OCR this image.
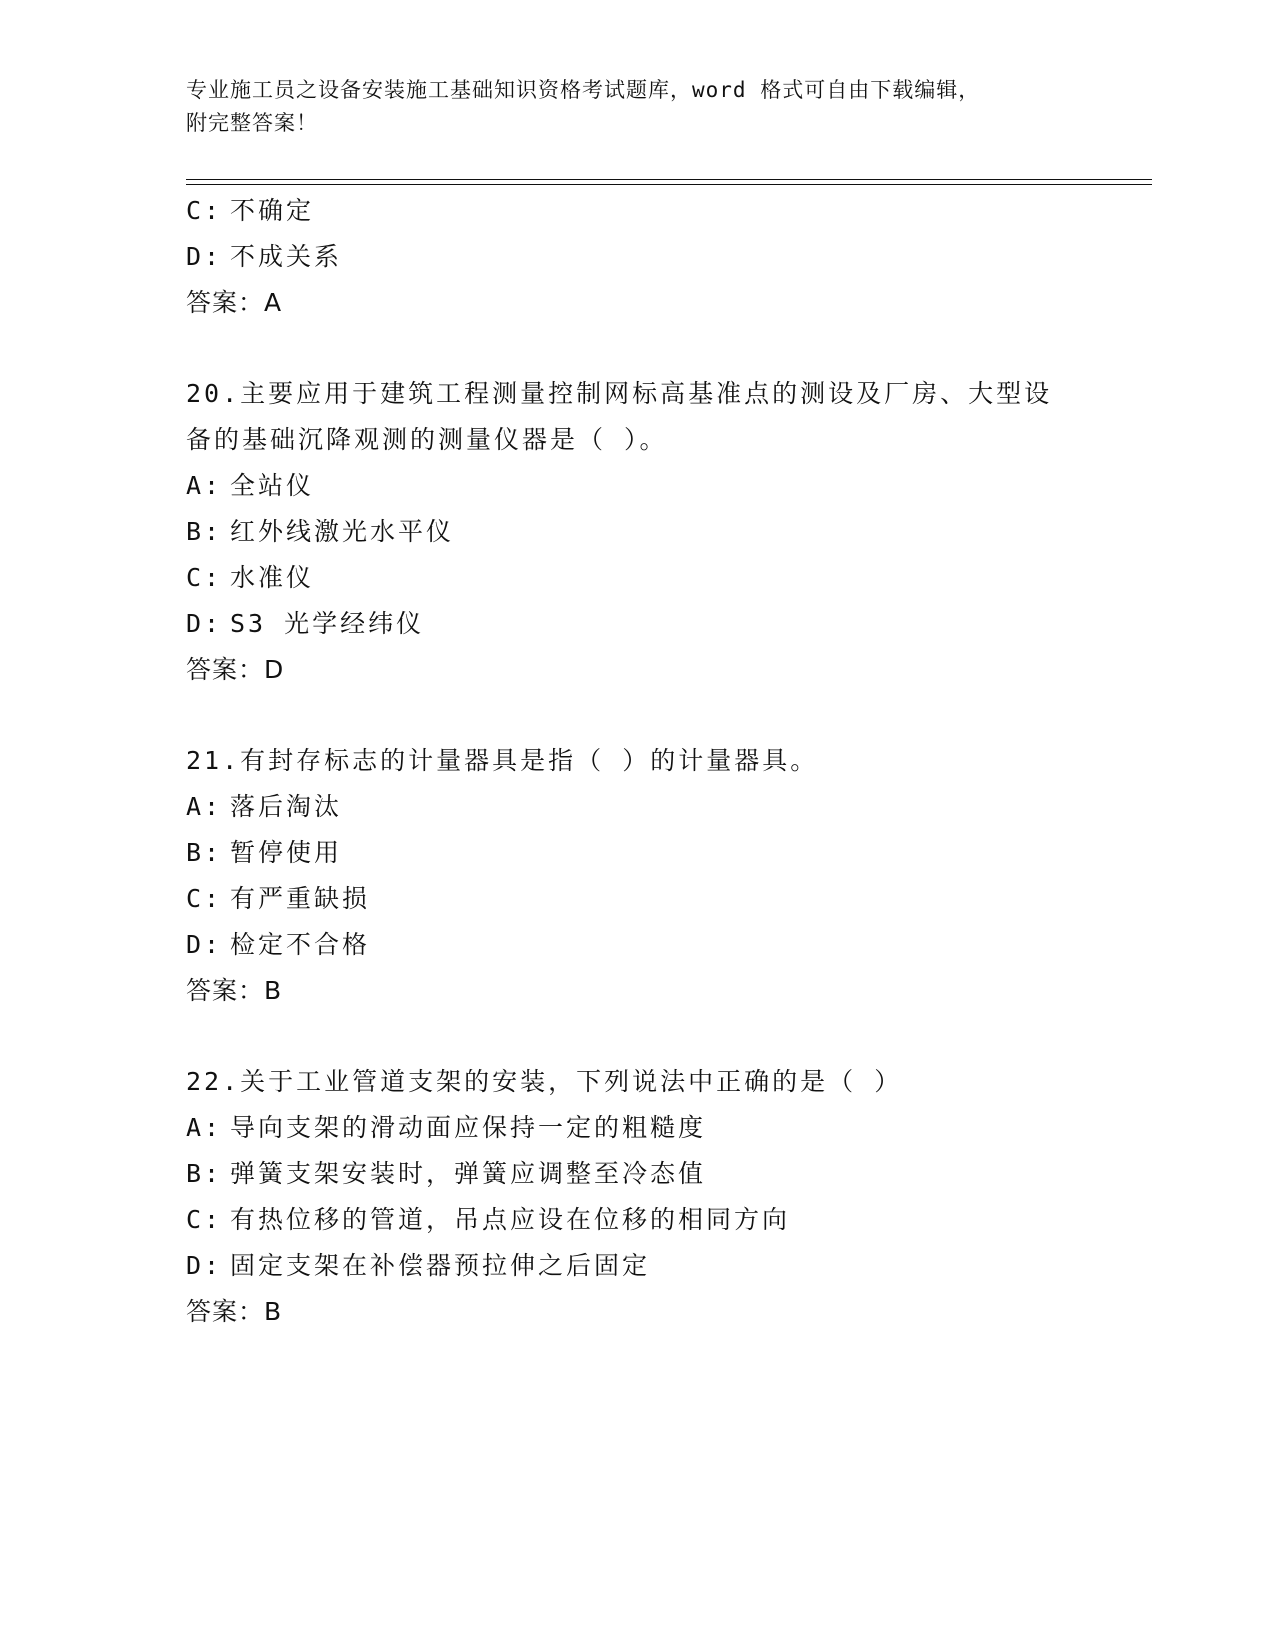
专业施工员之设备安装施工基础知识资格考试题库，word 格式可自由下载编辑，
附完整答案！
C: 不确定
D: 不成关系
答案：A
20.主要应用于建筑工程测量控制网标高基准点的测设及厂房、大型设
备的基础沉降观测的测量仪器是（ ）。
A: 全站仪
B: 红外线激光水平仪
C: 水准仪
D: S3 光学经纬仪
答案：D
21.有封存标志的计量器具是指（ ）的计量器具。
A: 落后淘汰
B: 暂停使用
C: 有严重缺损
D: 检定不合格
答案：B
22.关于工业管道支架的安装，下列说法中正确的是（ ）
A: 导向支架的滑动面应保持一定的粗糙度
B: 弹簧支架安装时，弹簧应调整至冷态值
C: 有热位移的管道，吊点应设在位移的相同方向
D: 固定支架在补偿器预拉伸之后固定
答案：B
